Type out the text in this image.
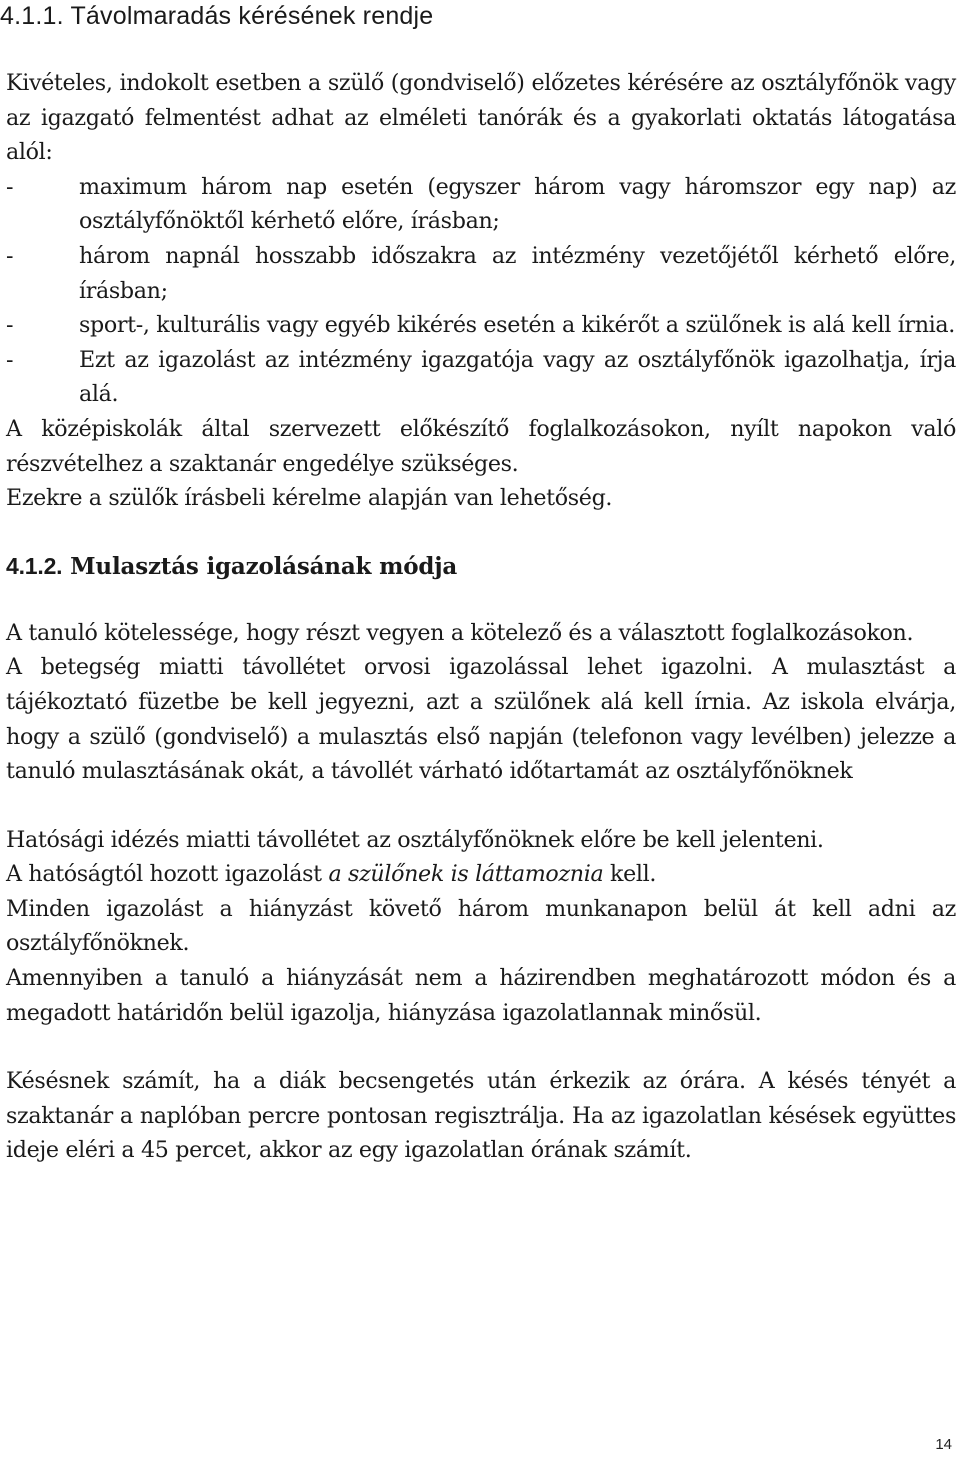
4.1.1. Távolmaradás kérésének rendje

Kivételes, indokolt esetben a szülő (gondviselő) előzetes kérésére az osztályfőnök vagy az igazgató felmentést adhat az elméleti tanórák és a gyakorlati oktatás látogatása alól:

-	maximum három nap esetén (egyszer három vagy háromszor egy nap) az osztályfőnöktől kérhető előre, írásban;
-	három napnál hosszabb időszakra az intézmény vezetőjétől kérhető előre, írásban;
-	sport-, kulturális vagy egyéb kikérés esetén a kikérőt a szülőnek is alá kell írnia.
-	Ezt az igazolást az intézmény igazgatója vagy az osztályfőnök igazolhatja, írja alá.

A középiskolák által szervezett előkészítő foglalkozásokon, nyílt napokon való részvételhez a szaktanár engedélye szükséges.

Ezekre a szülők írásbeli kérelme alapján van lehetőség.

4.1.2. Mulasztás igazolásának módja

A tanuló kötelessége, hogy részt vegyen a kötelező és a választott foglalkozásokon.

A betegség miatti távollétet orvosi igazolással lehet igazolni. A mulasztást a tájékoztató füzetbe be kell jegyezni, azt a szülőnek alá kell írnia. Az iskola elvárja, hogy a szülő (gondviselő) a mulasztás első napján (telefonon vagy levélben) jelezze a tanuló mulasztásának okát, a távollét várható időtartamát az osztályfőnöknek

Hatósági idézés miatti távollétet az osztályfőnöknek előre be kell jelenteni.

A hatóságtól hozott igazolást a szülőnek is láttamoznia kell.

Minden igazolást a hiányzást követő három munkanapon belül át kell adni az osztályfőnöknek.

Amennyiben a tanuló a hiányzását nem a házirendben meghatározott módon és a megadott határidőn belül igazolja, hiányzása igazolatlannak minősül.

Késésnek számít, ha a diák becsengetés után érkezik az órára. A késés tényét a szaktanár a naplóban percre pontosan regisztrálja. Ha az igazolatlan késések együttes ideje eléri a 45 percet, akkor az egy igazolatlan órának számít.

14
